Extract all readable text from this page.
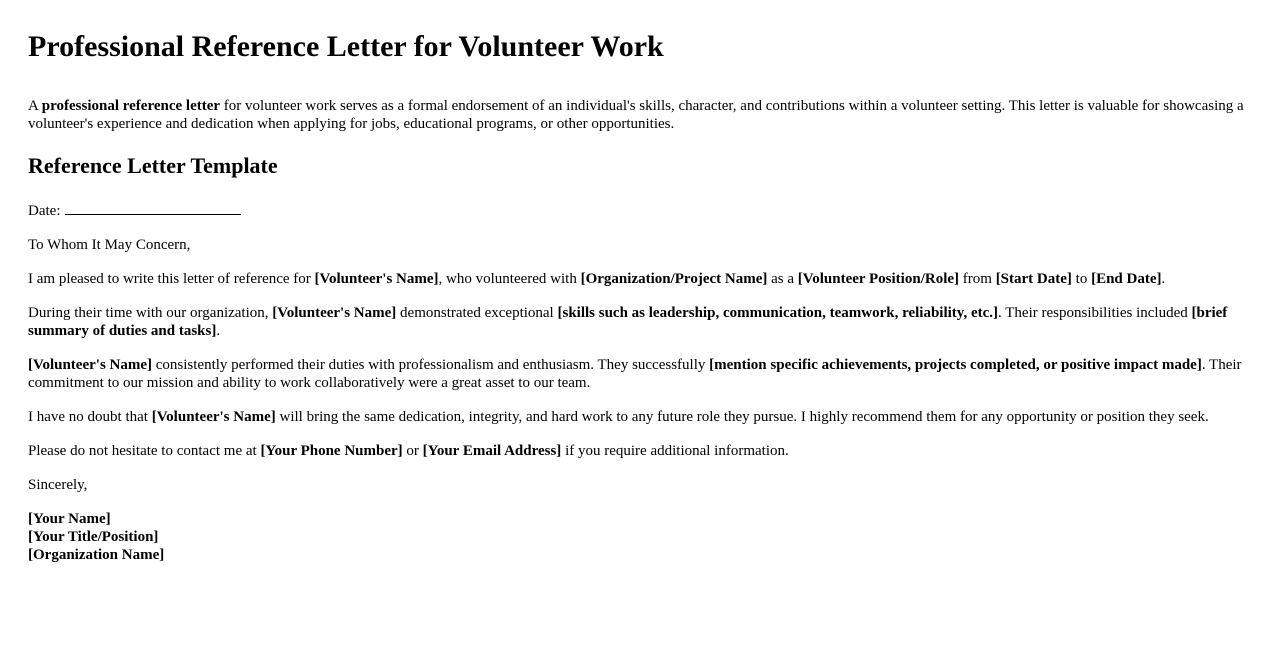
Professional Reference Letter for Volunteer Work

A professional reference letter for volunteer work serves as a formal endorsement of an individual's skills, character, and contributions within a volunteer setting. This letter is valuable for showcasing a volunteer's experience and dedication when applying for jobs, educational programs, or other opportunities.

Reference Letter Template

Date:

To Whom It May Concern,

I am pleased to write this letter of reference for [Volunteer's Name], who volunteered with [Organization/Project Name] as a [Volunteer Position/Role] from [Start Date] to [End Date].

During their time with our organization, [Volunteer's Name] demonstrated exceptional [skills such as leadership, communication, teamwork, reliability, etc.]. Their responsibilities included [brief summary of duties and tasks].

[Volunteer's Name] consistently performed their duties with professionalism and enthusiasm. They successfully [mention specific achievements, projects completed, or positive impact made]. Their commitment to our mission and ability to work collaboratively were a great asset to our team.

I have no doubt that [Volunteer's Name] will bring the same dedication, integrity, and hard work to any future role they pursue. I highly recommend them for any opportunity or position they seek.

Please do not hesitate to contact me at [Your Phone Number] or [Your Email Address] if you require additional information.

Sincerely,

[Your Name]

[Your Title/Position]

[Organization Name]
